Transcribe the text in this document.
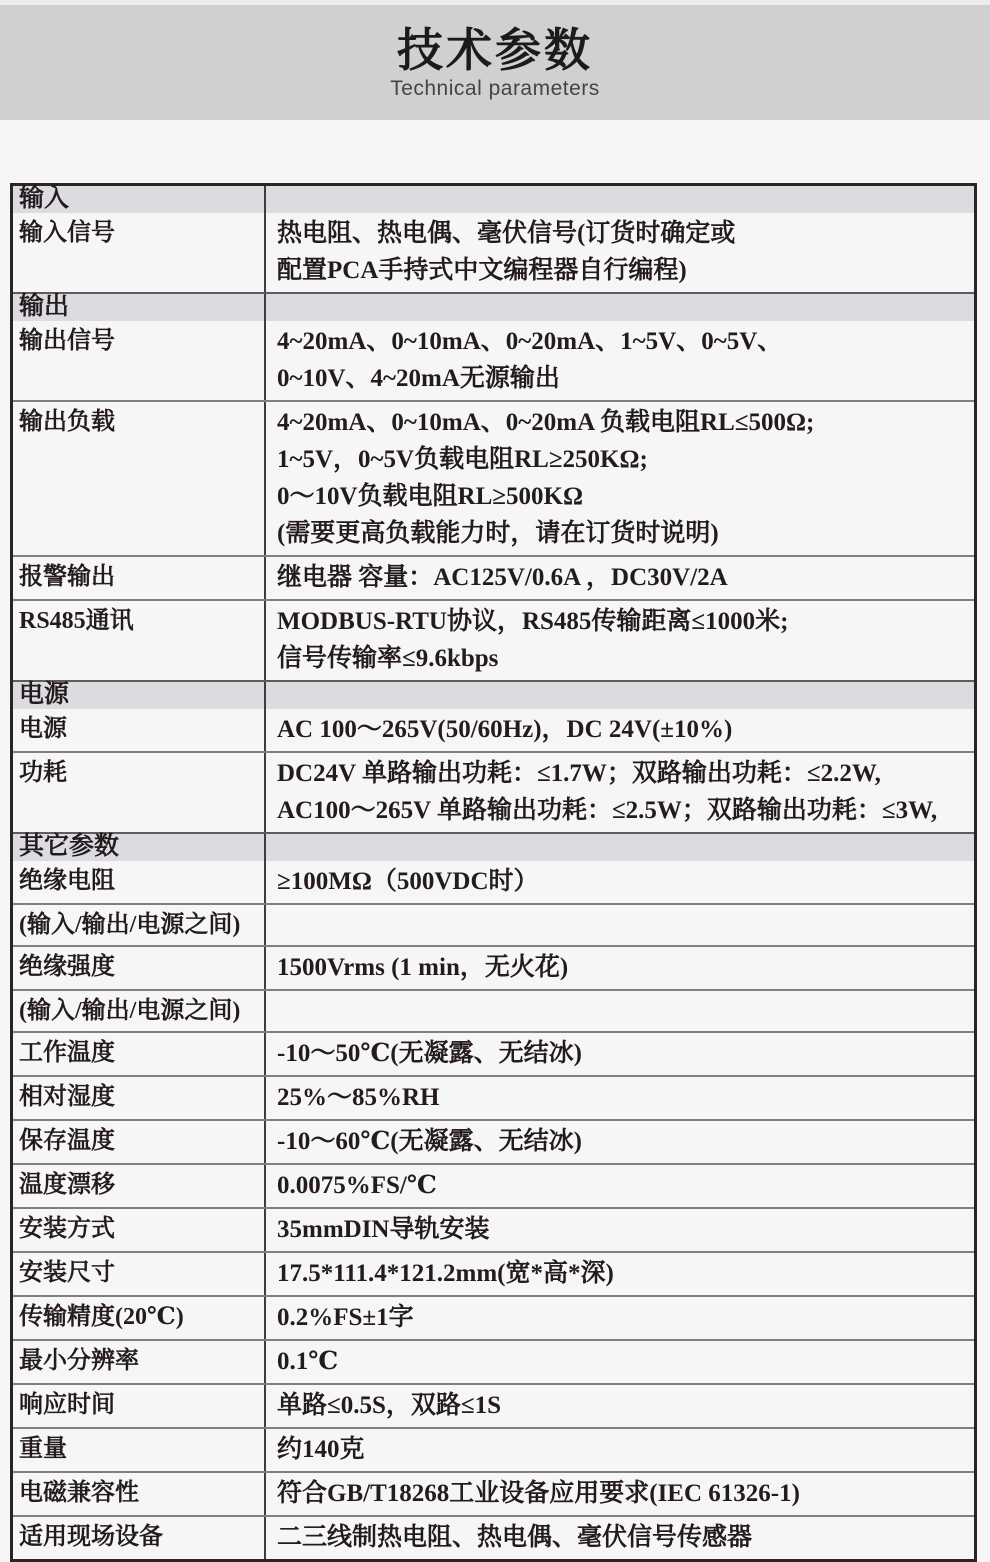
技术参数
Technical parameters
输入
输入信号	热电阻、热电偶、毫伏信号(订货时确定或
配置PCA手持式中文编程器自行编程)
输出
输出信号	4~20mA、0~10mA、0~20mA、1~5V、0~5V、
0~10V、4~20mA无源输出
输出负载	4~20mA、0~10mA、0~20mA 负载电阻RL≤500Ω;
1~5V，0~5V负载电阻RL≥250KΩ;
0～10V负载电阻RL≥500KΩ
(需要更高负载能力时，请在订货时说明)
报警输出	继电器 容量：AC125V/0.6A ，DC30V/2A
RS485通讯	MODBUS-RTU协议，RS485传输距离≤1000米;
信号传输率≤9.6kbps
电源
电源	AC 100～265V(50/60Hz)，DC 24V(±10%)
功耗	DC24V 单路输出功耗：≤1.7W；双路输出功耗：≤2.2W,
AC100～265V 单路输出功耗：≤2.5W；双路输出功耗：≤3W,
其它参数
绝缘电阻	≥100MΩ（500VDC时）
(输入/输出/电源之间)
绝缘强度	1500Vrms (1 min，无火花)
(输入/输出/电源之间)
工作温度	-10～50℃(无凝露、无结冰)
相对湿度	25%～85%RH
保存温度	-10～60℃(无凝露、无结冰)
温度漂移	0.0075%FS/℃
安装方式	35mmDIN导轨安装
安装尺寸	17.5*111.4*121.2mm(宽*高*深)
传输精度(20℃)	0.2%FS±1字
最小分辨率	0.1℃
响应时间	单路≤0.5S，双路≤1S
重量	约140克
电磁兼容性	符合GB/T18268工业设备应用要求(IEC 61326-1)
适用现场设备	二三线制热电阻、热电偶、毫伏信号传感器
